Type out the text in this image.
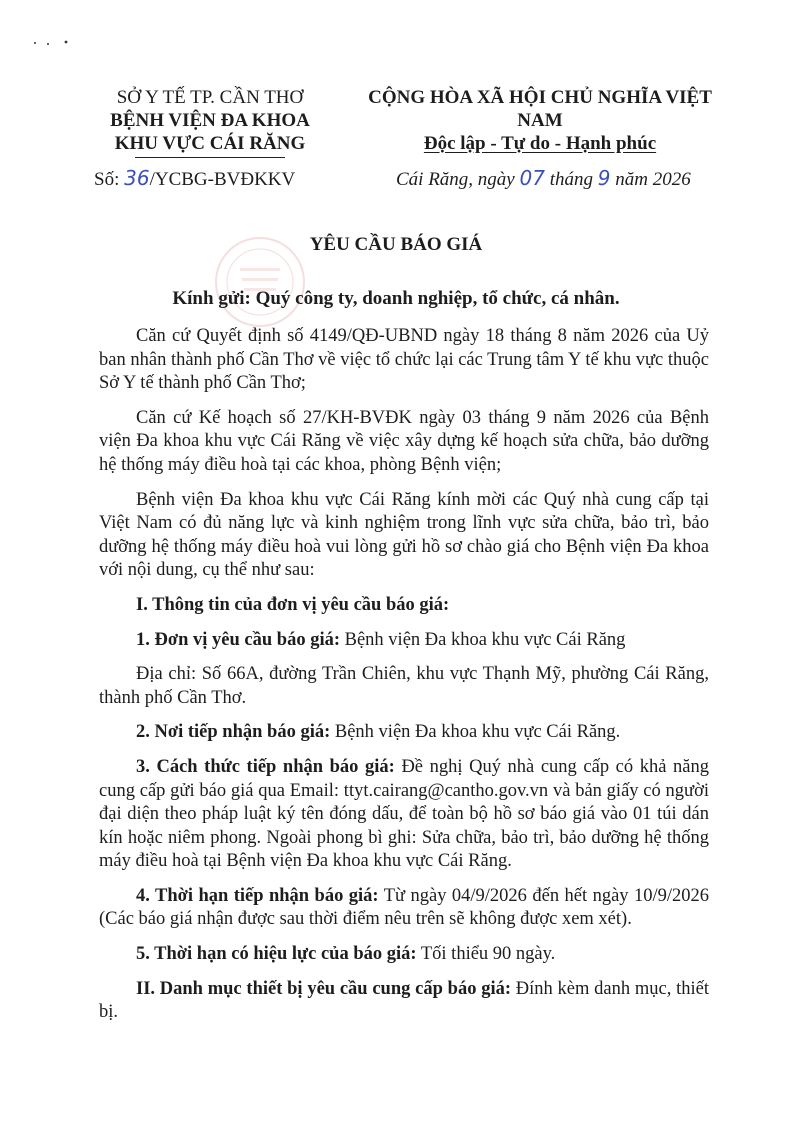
SỞ Y TẾ TP. CẦN THƠ
BỆNH VIỆN ĐA KHOA
KHU VỰC CÁI RĂNG
CỘNG HÒA XÃ HỘI CHỦ NGHĨA VIỆT NAM
Độc lập - Tự do - Hạnh phúc
Số: 36/YCBG-BVĐKKV	Cái Răng, ngày 07 tháng 9 năm 2026
YÊU CẦU BÁO GIÁ
Kính gửi: Quý công ty, doanh nghiệp, tổ chức, cá nhân.

Căn cứ Quyết định số 4149/QĐ-UBND ngày 18 tháng 8 năm 2026 của Uỷ ban nhân thành phố Cần Thơ về việc tổ chức lại các Trung tâm Y tế khu vực thuộc Sở Y tế thành phố Cần Thơ;

Căn cứ Kế hoạch số 27/KH-BVĐK ngày 03 tháng 9 năm 2026 của Bệnh viện Đa khoa khu vực Cái Răng về việc xây dựng kế hoạch sửa chữa, bảo dưỡng hệ thống máy điều hoà tại các khoa, phòng Bệnh viện;

Bệnh viện Đa khoa khu vực Cái Răng kính mời các Quý nhà cung cấp tại Việt Nam có đủ năng lực và kinh nghiệm trong lĩnh vực sửa chữa, bảo trì, bảo dưỡng hệ thống máy điều hoà vui lòng gửi hồ sơ chào giá cho Bệnh viện Đa khoa với nội dung, cụ thể như sau:

I. Thông tin của đơn vị yêu cầu báo giá:

1. Đơn vị yêu cầu báo giá: Bệnh viện Đa khoa khu vực Cái Răng

Địa chỉ: Số 66A, đường Trần Chiên, khu vực Thạnh Mỹ, phường Cái Răng, thành phố Cần Thơ.

2. Nơi tiếp nhận báo giá: Bệnh viện Đa khoa khu vực Cái Răng.

3. Cách thức tiếp nhận báo giá: Đề nghị Quý nhà cung cấp có khả năng cung cấp gửi báo giá qua Email: ttyt.cairang@cantho.gov.vn và bản giấy có người đại diện theo pháp luật ký tên đóng dấu, để toàn bộ hồ sơ báo giá vào 01 túi dán kín hoặc niêm phong. Ngoài phong bì ghi: Sửa chữa, bảo trì, bảo dưỡng hệ thống máy điều hoà tại Bệnh viện Đa khoa khu vực Cái Răng.

4. Thời hạn tiếp nhận báo giá: Từ ngày 04/9/2026 đến hết ngày 10/9/2026 (Các báo giá nhận được sau thời điểm nêu trên sẽ không được xem xét).

5. Thời hạn có hiệu lực của báo giá: Tối thiểu 90 ngày.

II. Danh mục thiết bị yêu cầu cung cấp báo giá: Đính kèm danh mục, thiết bị.
